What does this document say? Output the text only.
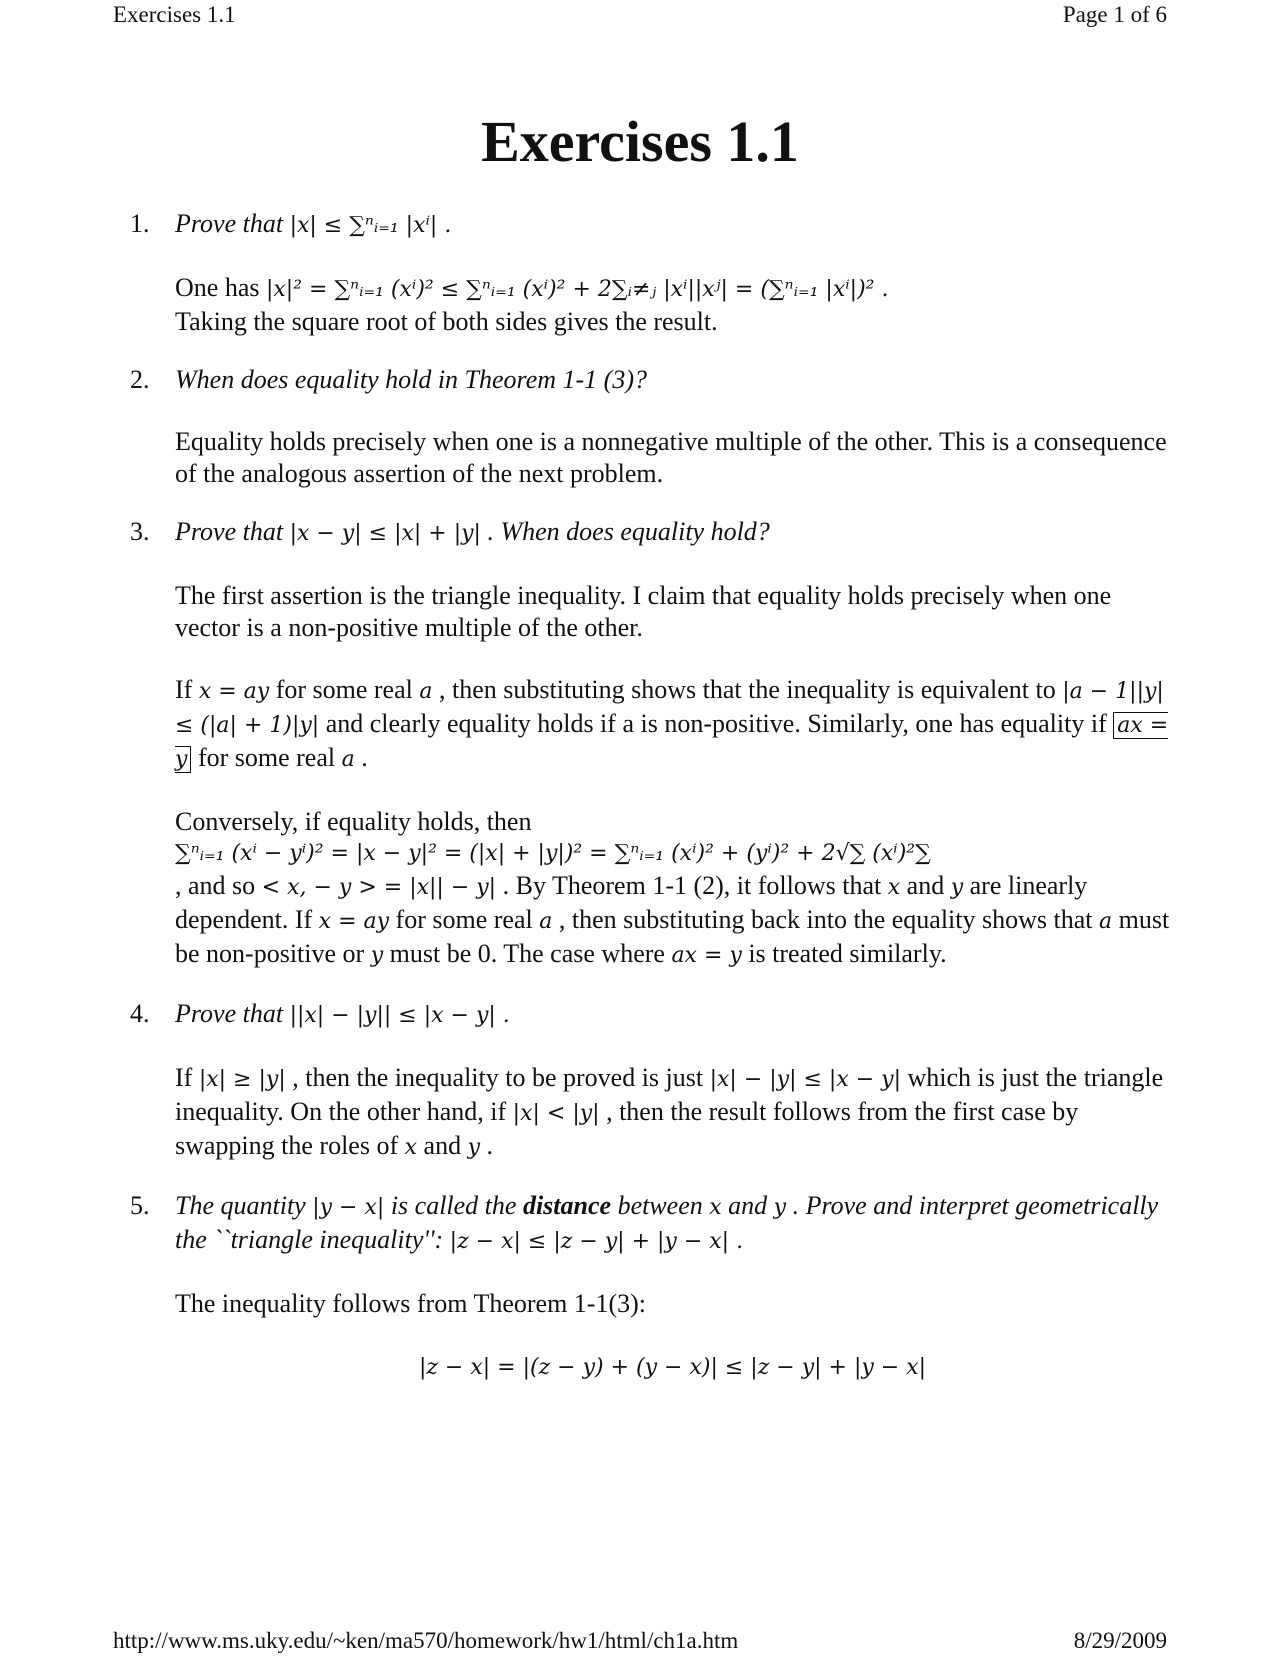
Exercises 1.1	Page 1 of 6
Exercises 1.1
1. Prove that |x| ≤ ∑ⁿᵢ₌₁ |xⁱ| .

One has |x|² = ∑ⁿᵢ₌₁ (xⁱ)² ≤ ∑ⁿᵢ₌₁ (xⁱ)² + 2∑ᵢ≠ⱼ |xⁱ||xʲ| = (∑ⁿᵢ₌₁ |xⁱ|)² .
Taking the square root of both sides gives the result.

2. When does equality hold in Theorem 1-1 (3)?

Equality holds precisely when one is a nonnegative multiple of the other. This is a consequence of the analogous assertion of the next problem.

3. Prove that |x − y| ≤ |x| + |y| . When does equality hold?

The first assertion is the triangle inequality. I claim that equality holds precisely when one vector is a non-positive multiple of the other.

If x = ay for some real a , then substituting shows that the inequality is equivalent to |a − 1||y| ≤ (|a| + 1)|y| and clearly equality holds if a is non-positive. Similarly, one has equality if ax = y for some real a .

Conversely, if equality holds, then

∑ⁿᵢ₌₁ (xⁱ − yⁱ)² = |x − y|² = (|x| + |y|)² = ∑ⁿᵢ₌₁ (xⁱ)² + (yⁱ)² + 2√∑ (xⁱ)²∑
, and so < x, − y > = |x|| − y| . By Theorem 1-1 (2), it follows that x and y are linearly dependent. If x = ay for some real a , then substituting back into the equality shows that a must be non-positive or y must be 0. The case where ax = y is treated similarly.

4. Prove that ||x| − |y|| ≤ |x − y| .

If |x| ≥ |y| , then the inequality to be proved is just |x| − |y| ≤ |x − y| which is just the triangle inequality. On the other hand, if |x| < |y| , then the result follows from the first case by swapping the roles of x and y .

5. The quantity |y − x| is called the distance between x and y . Prove and interpret geometrically the ``triangle inequality'': |z − x| ≤ |z − y| + |y − x| .

The inequality follows from Theorem 1-1(3):

|z − x| = |(z − y) + (y − x)| ≤ |z − y| + |y − x|
http://www.ms.uky.edu/~ken/ma570/homework/hw1/html/ch1a.htm	8/29/2009
